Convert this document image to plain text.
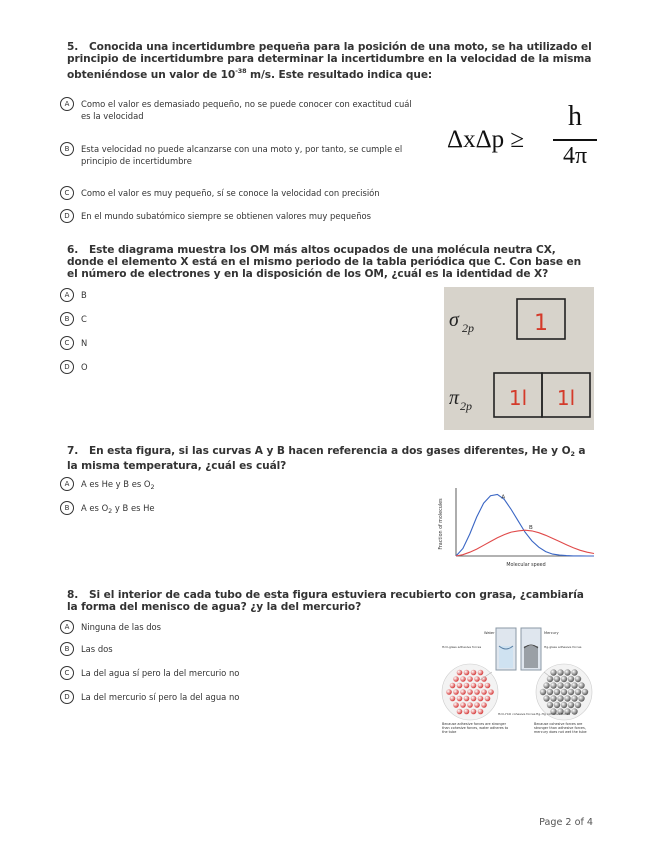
5. Conocida una incertidumbre pequeña para la posición de una moto, se ha utilizado el principio de incertidumbre para determinar la incertidumbre en la velocidad de la misma obteniéndose un valor de $10^{-38}$ m/s. Este resultado indica que:
A	Como el valor es demasiado pequeño, no se puede conocer con exactitud cuál es la velocidad
B	Esta velocidad no puede alcanzarse con una moto y, por tanto, se cumple el principio de incertidumbre
C	Como el valor es muy pequeño, sí se conoce la velocidad con precisión
D	En el mundo subatómico siempre se obtienen valores muy pequeños
ΔxΔp ≥
h
4π
6. Este diagrama muestra los OM más altos ocupados de una molécula neutra CX, donde el elemento X está en el mismo periodo de la tabla periódica que C. Con base en el número de electrones y en la disposición de los OM, ¿cuál es la identidad de X?
A	B
B	C
C	N
D	O
σ 2p	1
π 2p 1l 1l
7. En esta figura, si las curvas A y B hacen referencia a dos gases diferentes, He y $O_2$ a la misma temperatura, ¿cuál es cuál?
A	A es He y B es $O_2$
B	A es $O_2$ y B es He	Fraction of molecules
Molecular speed
A
B
8. Si el interior de cada tubo de esta figura estuviera recubierto con grasa, ¿cambiaría la forma del menisco de agua? ¿y la del mercurio?
A	Ninguna de las dos
B	Las dos
C	La del agua sí pero la del mercurio no
D	La del mercurio sí pero la del agua no
Water	Mercury
H₂O-glass adhesive forces	Hg-glass adhesive forces
H₂O–H₂O cohesive forces Hg–Hg cohesive forces
Because adhesive forces are stronger than cohesive forces, water adheres to the tube
Because cohesive forces are stronger than adhesive forces, mercury does not wet the tube
Page 2 of 4
